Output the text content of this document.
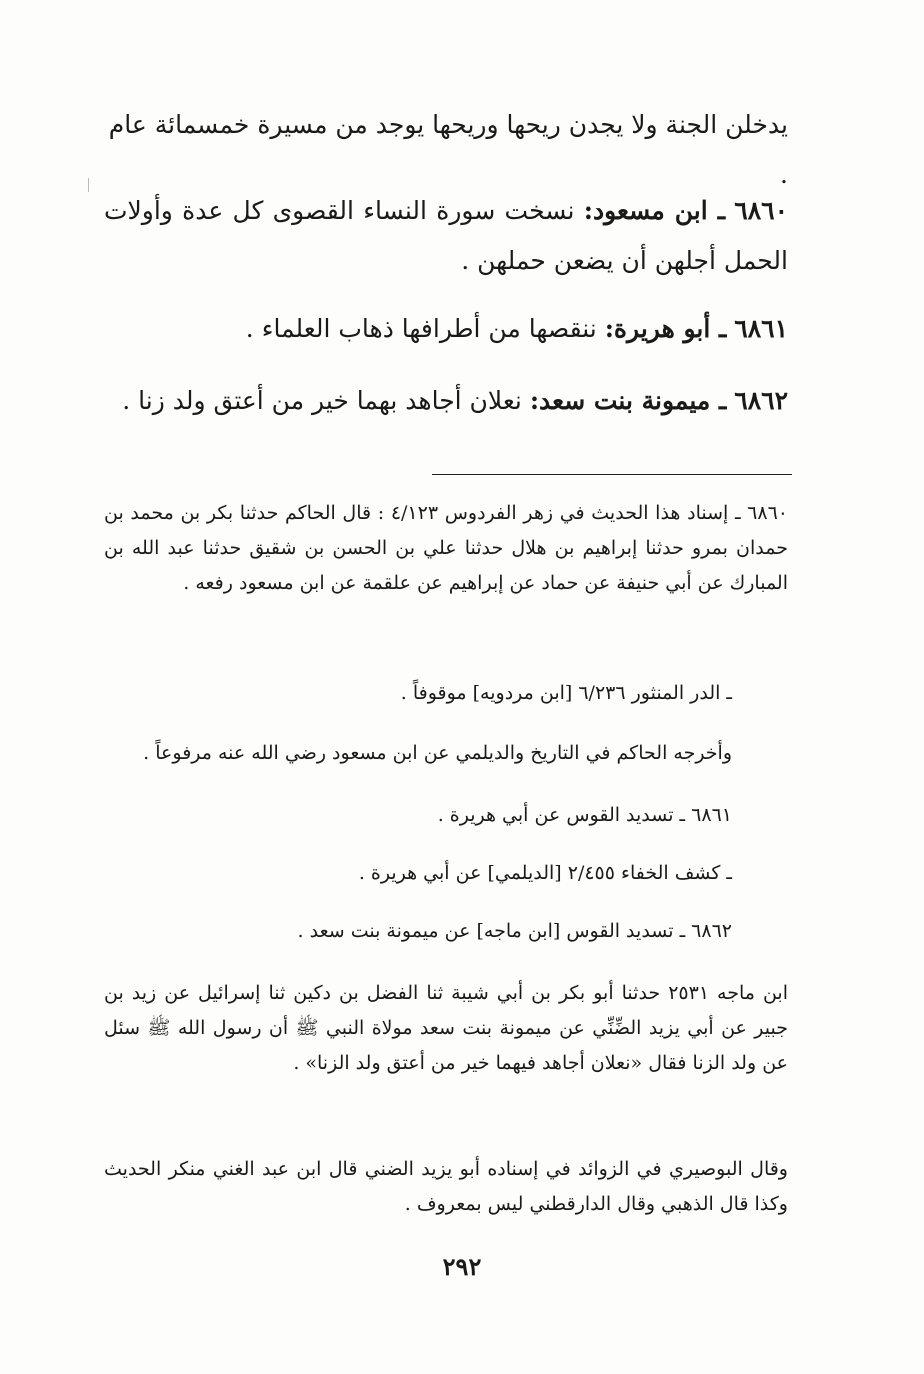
يدخلن الجنة ولا يجدن ريحها وريحها يوجد من مسيرة خمسمائة عام .

٦٨٦٠ ـ ابن مسعود: نسخت سورة النساء القصوى كل عدة وأولات الحمل أجلهن أن يضعن حملهن .

٦٨٦١ ـ أبو هريرة: ننقصها من أطرافها ذهاب العلماء .

٦٨٦٢ ـ ميمونة بنت سعد: نعلان أجاهد بهما خير من أعتق ولد زنا .

٦٨٦٠ ـ إسناد هذا الحديث في زهر الفردوس ٤/١٢٣ : قال الحاكم حدثنا بكر بن محمد بن حمدان بمرو حدثنا إبراهيم بن هلال حدثنا علي بن الحسن بن شقيق حدثنا عبد الله بن المبارك عن أبي حنيفة عن حماد عن إبراهيم عن علقمة عن ابن مسعود رفعه .

ـ الدر المنثور ٦/٢٣٦ [ابن مردويه] موقوفاً .

وأخرجه الحاكم في التاريخ والديلمي عن ابن مسعود رضي الله عنه مرفوعاً .

٦٨٦١ ـ تسديد القوس عن أبي هريرة .

ـ كشف الخفاء ٢/٤٥٥ [الديلمي] عن أبي هريرة .

٦٨٦٢ ـ تسديد القوس [ابن ماجه] عن ميمونة بنت سعد .

ابن ماجه ٢٥٣١ حدثنا أبو بكر بن أبي شيبة ثنا الفضل بن دكين ثنا إسرائيل عن زيد بن جبير عن أبي يزيد الضِّنِّي عن ميمونة بنت سعد مولاة النبي ﷺ أن رسول الله ﷺ سئل عن ولد الزنا فقال «نعلان أجاهد فيهما خير من أعتق ولد الزنا» .

وقال البوصيري في الزوائد في إسناده أبو يزيد الضني قال ابن عبد الغني منكر الحديث وكذا قال الذهبي وقال الدارقطني ليس بمعروف .

٢٩٢
